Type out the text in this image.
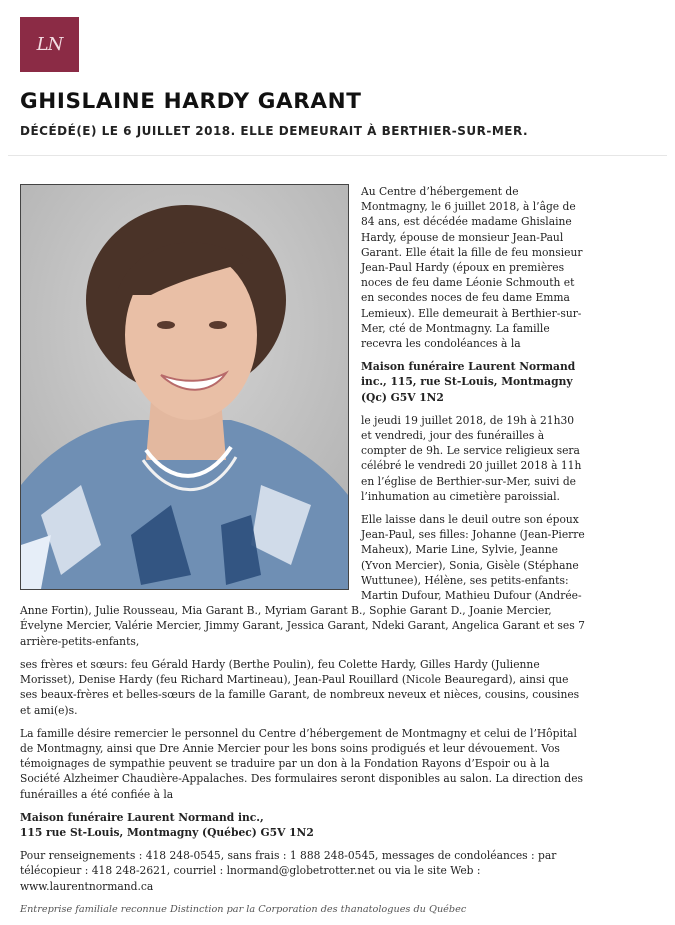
LN
GHISLAINE HARDY GARANT
DÉCÉDÉ(E) LE 6 JUILLET 2018. ELLE DEMEURAIT À BERTHIER-SUR-MER.

Au Centre d’hébergement de Montmagny, le 6 juillet 2018, à l’âge de 84 ans, est décédée madame Ghislaine Hardy, épouse de monsieur Jean-Paul Garant. Elle était la fille de feu monsieur Jean-Paul Hardy (époux en premières noces de feu dame Léonie Schmouth et en secondes noces de feu dame Emma Lemieux). Elle demeurait à Berthier-sur-Mer, cté de Montmagny. La famille recevra les condoléances à la

Maison funéraire Laurent Normand inc., 115, rue St-Louis, Montmagny (Qc) G5V 1N2

le jeudi 19 juillet 2018, de 19h à 21h30 et vendredi, jour des funérailles à compter de 9h. Le service religieux sera célébré le vendredi 20 juillet 2018 à 11h en l’église de Berthier-sur-Mer, suivi de l’inhumation au cimetière paroissial.

Elle laisse dans le deuil outre son époux Jean-Paul, ses filles: Johanne (Jean-Pierre Maheux), Marie Line, Sylvie, Jeanne (Yvon Mercier), Sonia, Gisèle (Stéphane Wuttunee), Hélène, ses petits-enfants: Martin Dufour, Mathieu Dufour (Andrée-Anne Fortin), Julie Rousseau, Mia Garant B., Myriam Garant B., Sophie Garant D., Joanie Mercier, Évelyne Mercier, Valérie Mercier, Jimmy Garant, Jessica Garant, Ndeki Garant, Angelica Garant et ses 7 arrière-petits-enfants,

ses frères et sœurs: feu Gérald Hardy (Berthe Poulin), feu Colette Hardy, Gilles Hardy (Julienne Morisset), Denise Hardy (feu Richard Martineau), Jean-Paul Rouillard (Nicole Beauregard), ainsi que ses beaux-frères et belles-sœurs de la famille Garant, de nombreux neveux et nièces, cousins, cousines et ami(e)s.

La famille désire remercier le personnel du Centre d’hébergement de Montmagny et celui de l’Hôpital de Montmagny, ainsi que Dre Annie Mercier pour les bons soins prodigués et leur dévouement. Vos témoignages de sympathie peuvent se traduire par un don à la Fondation Rayons d’Espoir ou à la Société Alzheimer Chaudière-Appalaches. Des formulaires seront disponibles au salon. La direction des funérailles a été confiée à la

Maison funéraire Laurent Normand inc.,
115 rue St-Louis, Montmagny (Québec) G5V 1N2

Pour renseignements : 418 248-0545, sans frais : 1 888 248-0545, messages de condoléances : par télécopieur : 418 248-2621, courriel : lnormand@globetrotter.net ou via le site Web : www.laurentnormand.ca

Entreprise familiale reconnue Distinction par la Corporation des thanatologues du Québec
